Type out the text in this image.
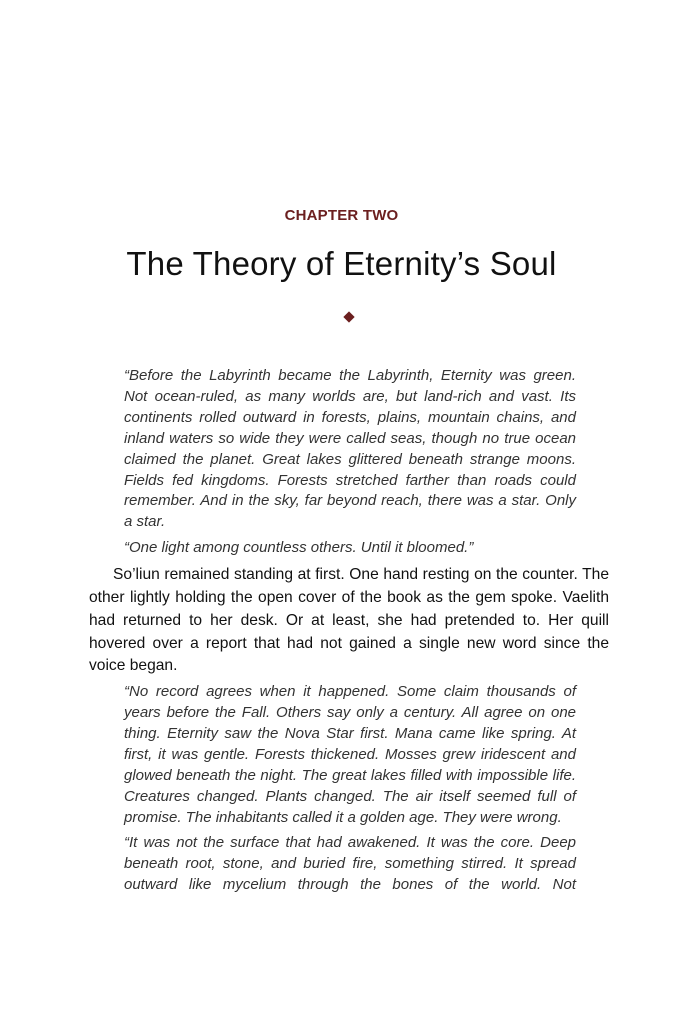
CHAPTER TWO
The Theory of Eternity’s Soul

“Before the Labyrinth became the Labyrinth, Eternity was green. Not ocean-ruled, as many worlds are, but land-rich and vast. Its continents rolled outward in forests, plains, mountain chains, and inland waters so wide they were called seas, though no true ocean claimed the planet. Great lakes glittered beneath strange moons. Fields fed kingdoms. Forests stretched farther than roads could remember. And in the sky, far beyond reach, there was a star. Only a star.

“One light among countless others. Until it bloomed.”

So’liun remained standing at first. One hand resting on the counter. The other lightly holding the open cover of the book as the gem spoke. Vaelith had returned to her desk. Or at least, she had pretended to. Her quill hovered over a report that had not gained a single new word since the voice began.

“No record agrees when it happened. Some claim thousands of years before the Fall. Others say only a century. All agree on one thing. Eternity saw the Nova Star first. Mana came like spring. At first, it was gentle. Forests thickened. Mosses grew iridescent and glowed beneath the night. The great lakes filled with impossible life. Creatures changed. Plants changed. The air itself seemed full of promise. The inhabitants called it a golden age. They were wrong.

“It was not the surface that had awakened. It was the core. Deep beneath root, stone, and buried fire, something stirred. It spread outward like mycelium through the bones of the world. Not
